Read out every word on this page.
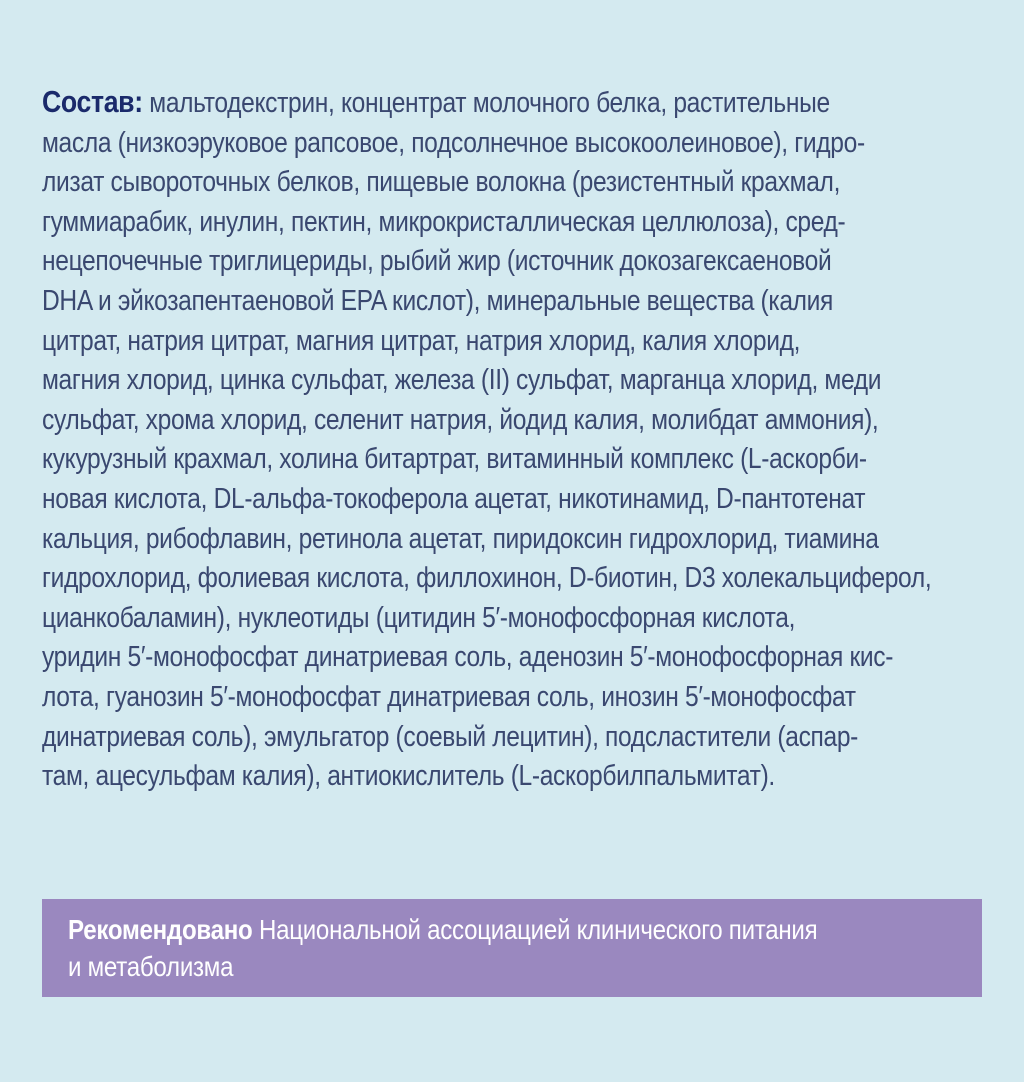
Состав: мальтодекстрин, концентрат молочного белка, растительные
масла (низкоэруковое рапсовое, подсолнечное высокоолеиновое), гидро-
лизат сывороточных белков, пищевые волокна (резистентный крахмал,
гуммиарабик, инулин, пектин, микрокристаллическая целлюлоза), сред-
нецепочечные триглицериды, рыбий жир (источник докозагексаеновой
DHA и эйкозапентаеновой EPA кислот), минеральные вещества (калия
цитрат, натрия цитрат, магния цитрат, натрия хлорид, калия хлорид,
магния хлорид, цинка сульфат, железа (II) сульфат, марганца хлорид, меди
сульфат, хрома хлорид, селенит натрия, йодид калия, молибдат аммония),
кукурузный крахмал, холина битартрат, витаминный комплекс (L-аскорби-
новая кислота, DL-альфа-токоферола ацетат, никотинамид, D-пантотенат
кальция, рибофлавин, ретинола ацетат, пиридоксин гидрохлорид, тиамина
гидрохлорид, фолиевая кислота, филлохинон, D-биотин, D3 холекальциферол,
цианкобаламин), нуклеотиды (цитидин 5′-монофосфорная кислота,
уридин 5′-монофосфат динатриевая соль, аденозин 5′-монофосфорная кис-
лота, гуанозин 5′-монофосфат динатриевая соль, инозин 5′-монофосфат
динатриевая соль), эмульгатор (соевый лецитин), подсластители (аспар-
там, ацесульфам калия), антиокислитель (L-аскорбилпальмитат).
Рекомендовано Национальной ассоциацией клинического питания
и метаболизма
